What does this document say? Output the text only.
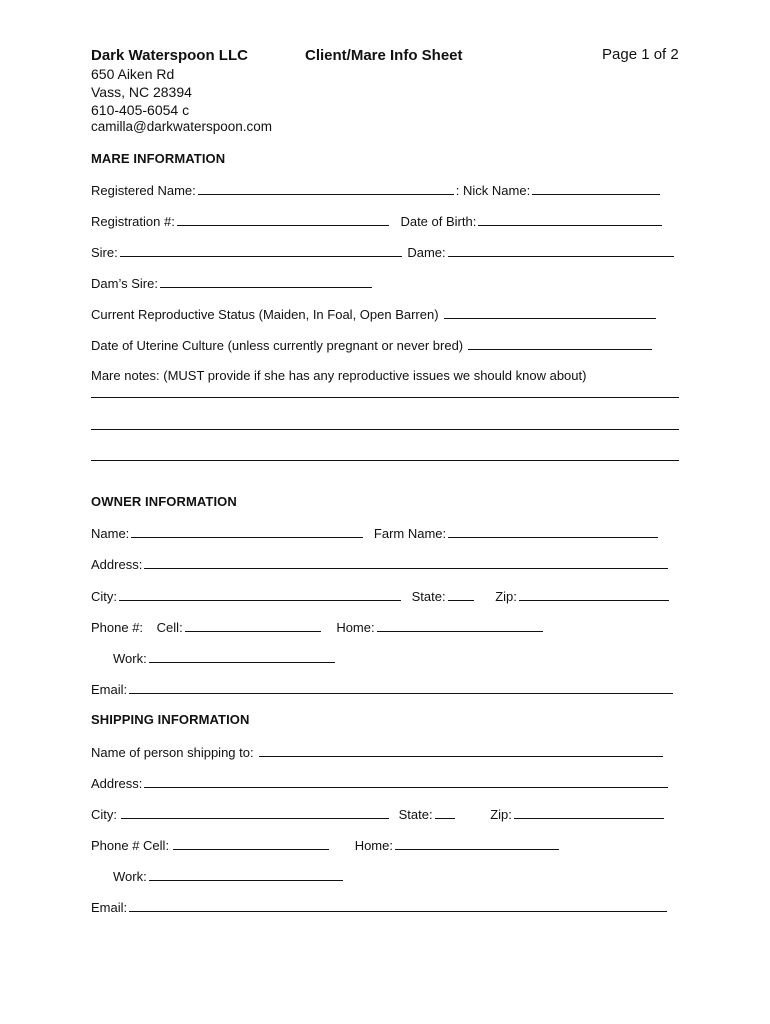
Dark Waterspoon LLC	Client/Mare Info Sheet	Page 1 of 2
650 Aiken Rd
Vass, NC 28394
610-405-6054 c
camilla@darkwaterspoon.com
MARE INFORMATION
Registered Name:	: Nick Name:
Registration #:	Date of Birth:
Sire:	Dame:
Dam’s Sire:
Current Reproductive Status (Maiden, In Foal, Open Barren)
Date of Uterine Culture (unless currently pregnant or never bred)
Mare notes: (MUST provide if she has any reproductive issues we should know about)
OWNER INFORMATION
Name:	Farm Name:
Address:
City:	State:	Zip:
Phone #: Cell:	Home:
Work:
Email:
SHIPPING INFORMATION
Name of person shipping to:
Address:
City:	State:	Zip:
Phone # Cell:	Home:
Work:
Email:
